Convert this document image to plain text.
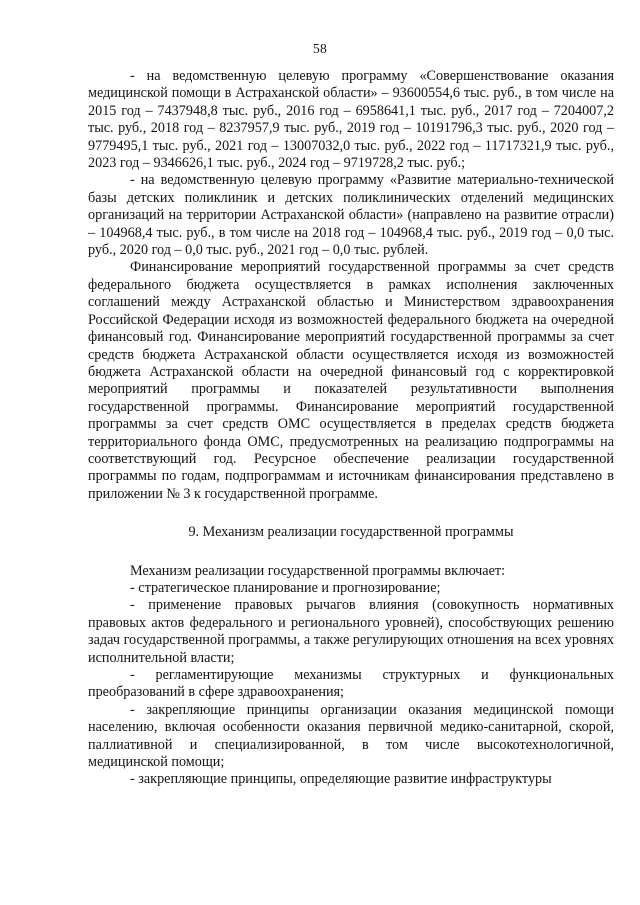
58

- на ведомственную целевую программу «Совершенствование оказания медицинской помощи в Астраханской области» – 93600554,6 тыс. руб., в том числе на 2015 год – 7437948,8 тыс. руб., 2016 год – 6958641,1 тыс. руб., 2017 год – 7204007,2 тыс. руб., 2018 год – 8237957,9 тыс. руб., 2019 год – 10191796,3 тыс. руб., 2020 год – 9779495,1 тыс. руб., 2021 год – 13007032,0 тыс. руб., 2022 год – 11717321,9 тыс. руб., 2023 год – 9346626,1 тыс. руб., 2024 год – 9719728,2 тыс. руб.;

- на ведомственную целевую программу «Развитие материально-технической базы детских поликлиник и детских поликлинических отделений медицинских организаций на территории Астраханской области» (направлено на развитие отрасли) – 104968,4 тыс. руб., в том числе на 2018 год – 104968,4 тыс. руб., 2019 год – 0,0 тыс. руб., 2020 год – 0,0 тыс. руб., 2021 год – 0,0 тыс. рублей.

Финансирование мероприятий государственной программы за счет средств федерального бюджета осуществляется в рамках исполнения заключенных соглашений между Астраханской областью и Министерством здравоохранения Российской Федерации исходя из возможностей федерального бюджета на очередной финансовый год. Финансирование мероприятий государственной программы за счет средств бюджета Астраханской области осуществляется исходя из возможностей бюджета Астраханской области на очередной финансовый год с корректировкой мероприятий программы и показателей результативности выполнения государственной программы. Финансирование мероприятий государственной программы за счет средств ОМС осуществляется в пределах средств бюджета территориального фонда ОМС, предусмотренных на реализацию подпрограммы на соответствующий год. Ресурсное обеспечение реализации государственной программы по годам, подпрограммам и источникам финансирования представлено в приложении № 3 к государственной программе.

9. Механизм реализации государственной программы

Механизм реализации государственной программы включает:

- стратегическое планирование и прогнозирование;

- применение правовых рычагов влияния (совокупность нормативных правовых актов федерального и регионального уровней), способствующих решению задач государственной программы, а также регулирующих отношения на всех уровнях исполнительной власти;

- регламентирующие механизмы структурных и функциональных преобразований в сфере здравоохранения;

- закрепляющие принципы организации оказания медицинской помощи населению, включая особенности оказания первичной медико-санитарной, скорой, паллиативной и специализированной, в том числе высокотехнологичной, медицинской помощи;

- закрепляющие принципы, определяющие развитие инфраструктуры
